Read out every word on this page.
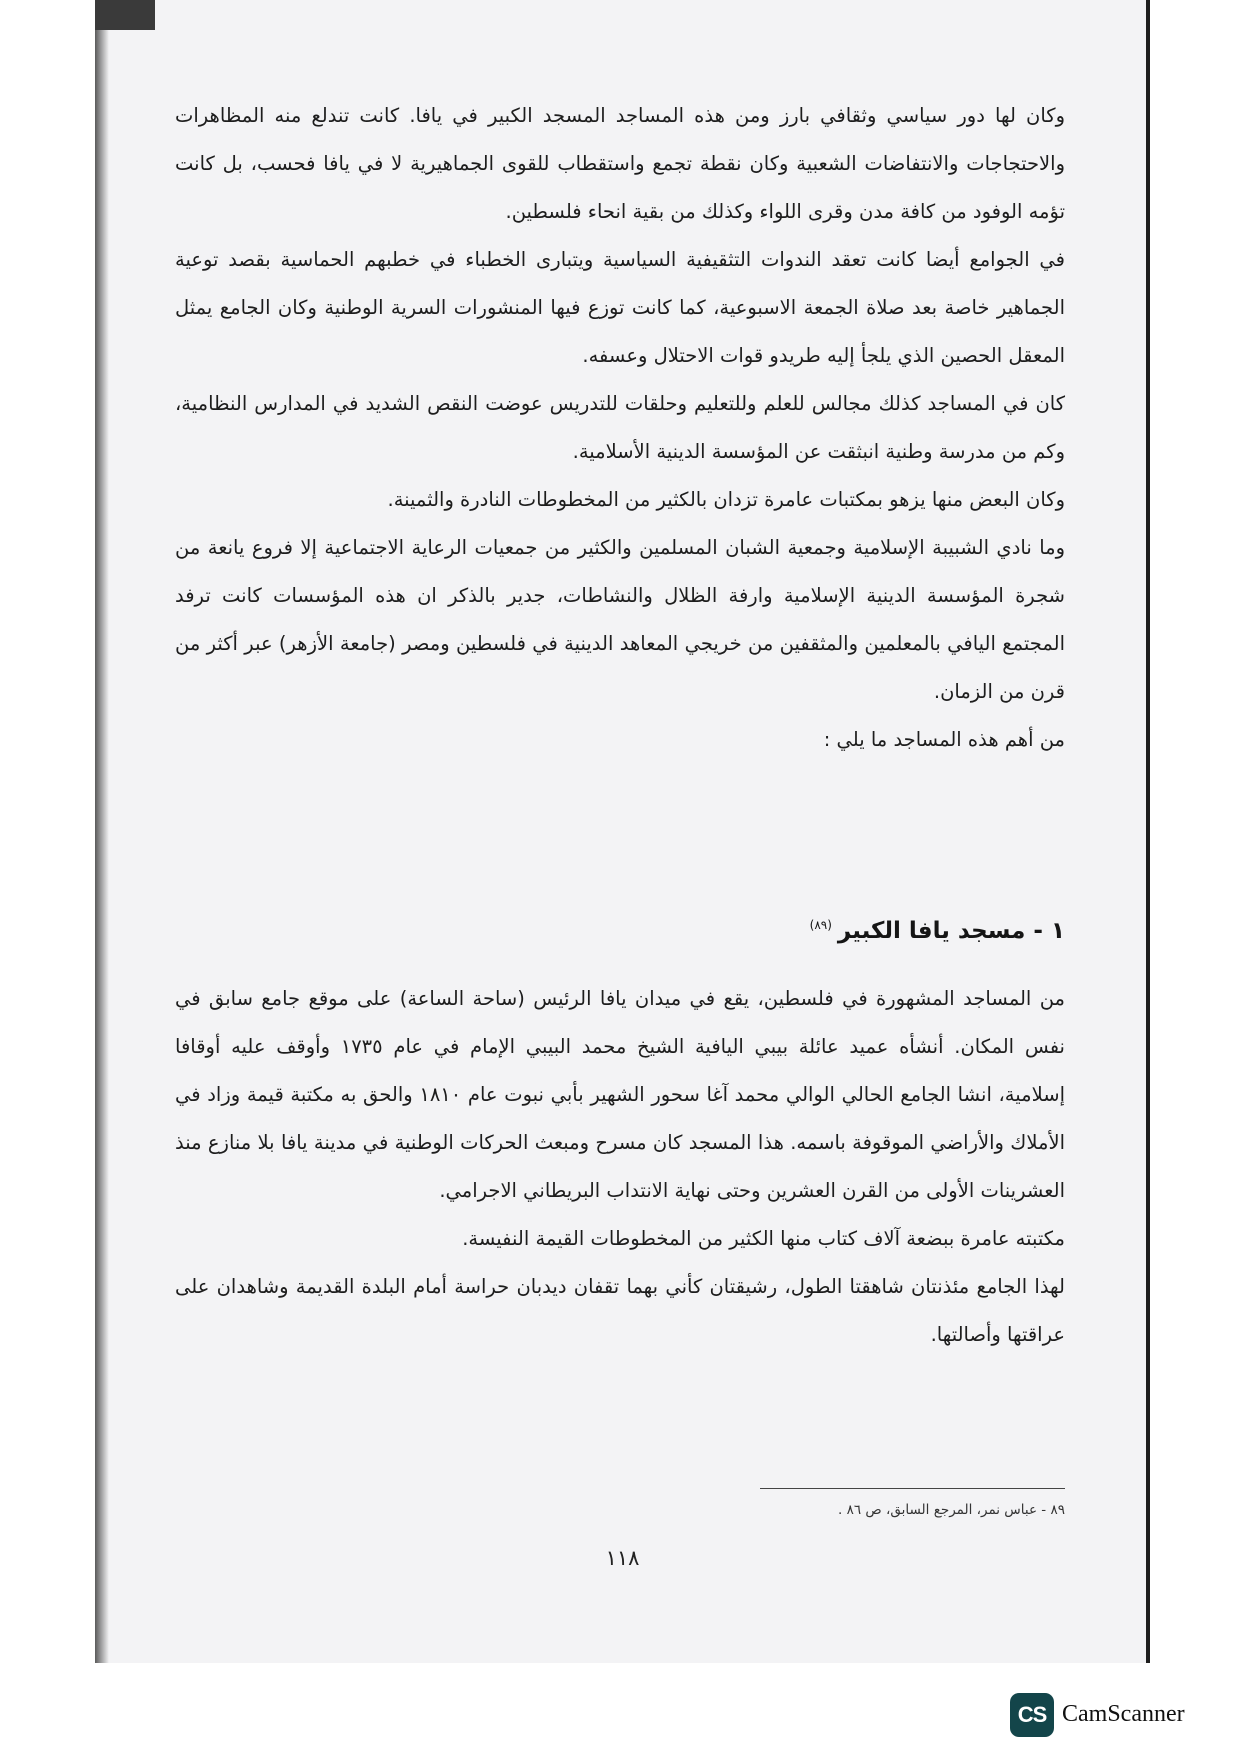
وكان لها دور سياسي وثقافي بارز ومن هذه المساجد المسجد الكبير في يافا. كانت تندلع منه المظاهرات والاحتجاجات والانتفاضات الشعبية وكان نقطة تجمع واستقطاب للقوى الجماهيرية لا في يافا فحسب، بل كانت تؤمه الوفود من كافة مدن وقرى اللواء وكذلك من بقية انحاء فلسطين.

في الجوامع أيضا كانت تعقد الندوات التثقيفية السياسية ويتبارى الخطباء في خطبهم الحماسية بقصد توعية الجماهير خاصة بعد صلاة الجمعة الاسبوعية، كما كانت توزع فيها المنشورات السرية الوطنية وكان الجامع يمثل المعقل الحصين الذي يلجأ إليه طريدو قوات الاحتلال وعسفه.

كان في المساجد كذلك مجالس للعلم وللتعليم وحلقات للتدريس عوضت النقص الشديد في المدارس النظامية، وكم من مدرسة وطنية انبثقت عن المؤسسة الدينية الأسلامية.

وكان البعض منها يزهو بمكتبات عامرة تزدان بالكثير من المخطوطات النادرة والثمينة.

وما نادي الشبيبة الإسلامية وجمعية الشبان المسلمين والكثير من جمعيات الرعاية الاجتماعية إلا فروع يانعة من شجرة المؤسسة الدينية الإسلامية وارفة الظلال والنشاطات، جدير بالذكر ان هذه المؤسسات كانت ترفد المجتمع اليافي بالمعلمين والمثقفين من خريجي المعاهد الدينية في فلسطين ومصر (جامعة الأزهر) عبر أكثر من قرن من الزمان.

من أهم هذه المساجد ما يلي :

١ - مسجد يافا الكبير$^{(٨٩)}$

من المساجد المشهورة في فلسطين، يقع في ميدان يافا الرئيس (ساحة الساعة) على موقع جامع سابق في نفس المكان. أنشأه عميد عائلة بيبي اليافية الشيخ محمد البيبي الإمام في عام ١٧٣٥ وأوقف عليه أوقافا إسلامية، انشا الجامع الحالي الوالي محمد آغا سحور الشهير بأبي نبوت عام ١٨١٠ والحق به مكتبة قيمة وزاد في الأملاك والأراضي الموقوفة باسمه. هذا المسجد كان مسرح ومبعث الحركات الوطنية في مدينة يافا بلا منازع منذ العشرينات الأولى من القرن العشرين وحتى نهاية الانتداب البريطاني الاجرامي.

مكتبته عامرة ببضعة آلاف كتاب منها الكثير من المخطوطات القيمة النفيسة.

لهذا الجامع مئذنتان شاهقتا الطول، رشيقتان كأني بهما تقفان ديدبان حراسة أمام البلدة القديمة وشاهدان على عراقتها وأصالتها.

٨٩ - عباس نمر، المرجع السابق، ص ٨٦ .
١١٨
CS CamScanner
